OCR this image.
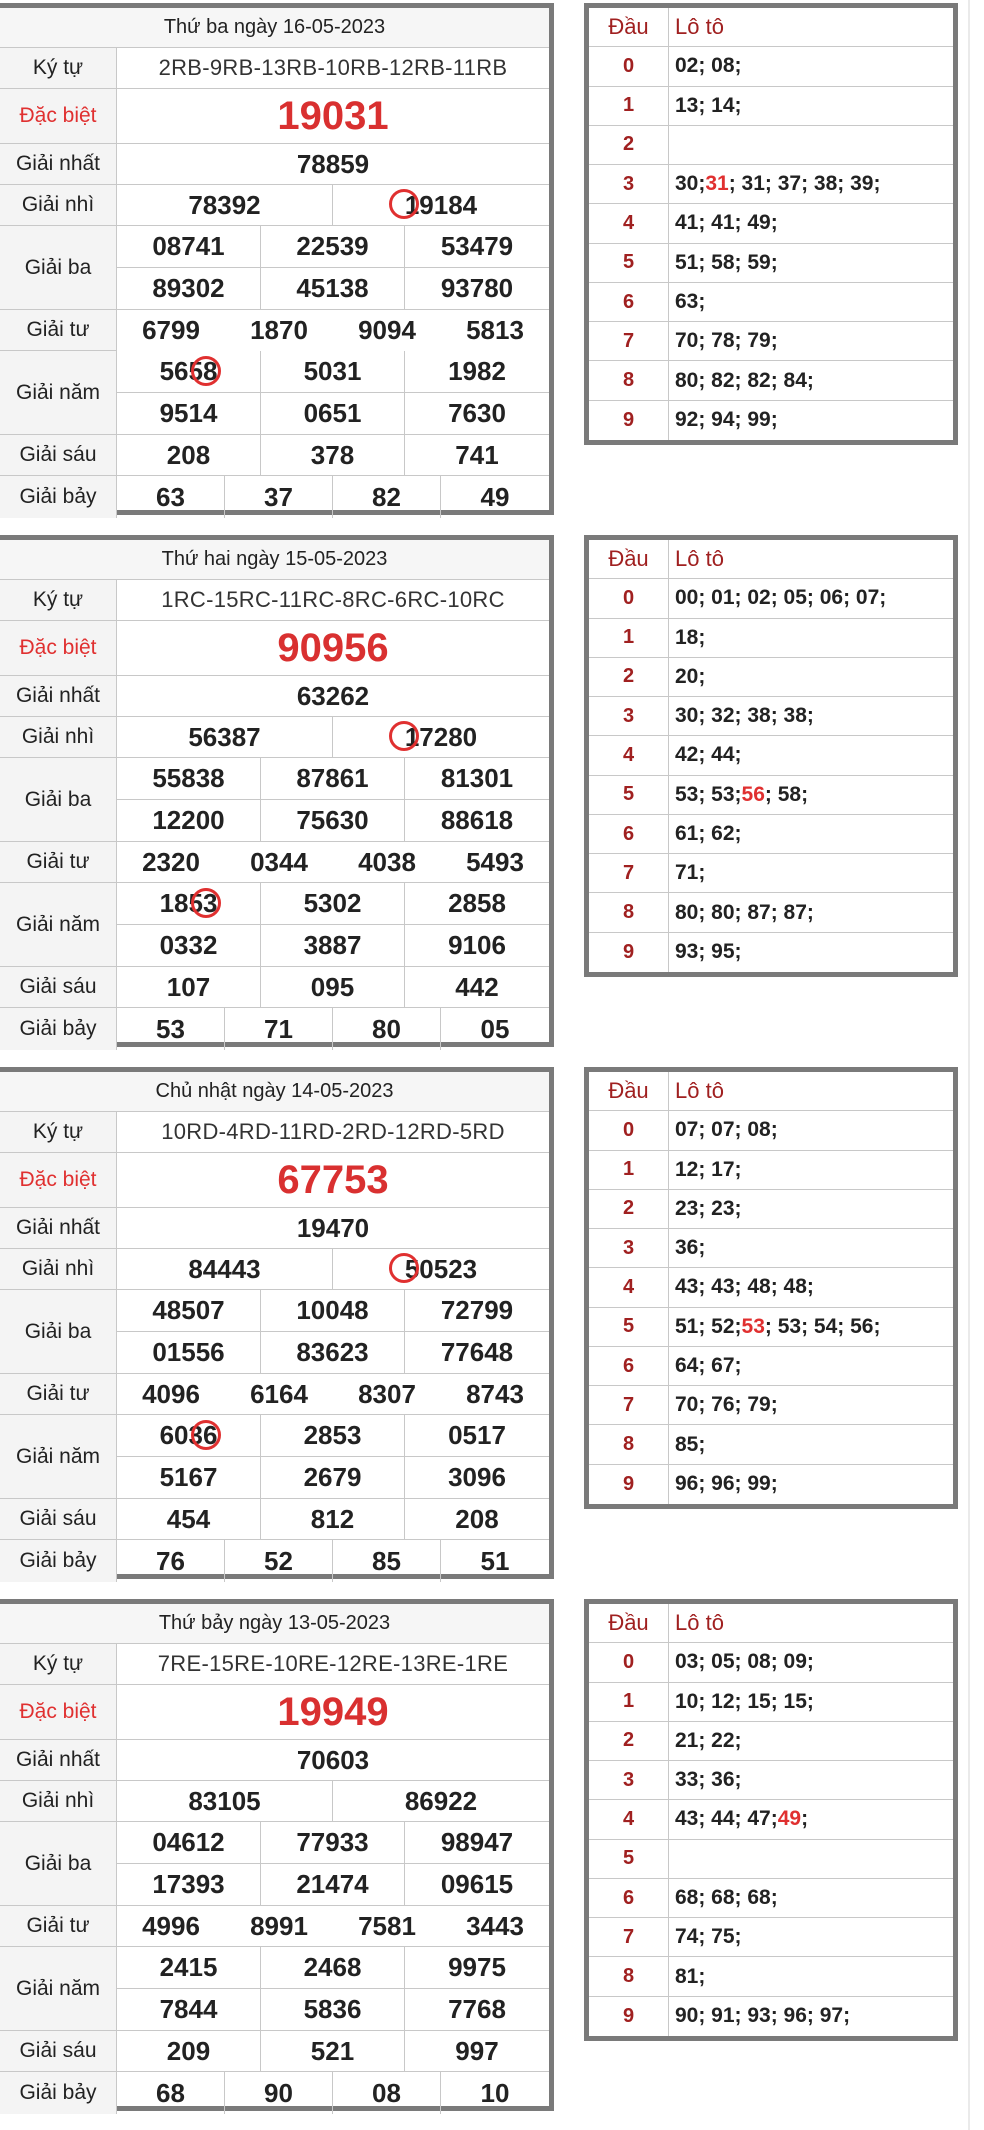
Thứ ba ngày 16-05-2023
Ký tự	2RB-9RB-13RB-10RB-12RB-11RB
Đặc biệt	19031
Giải nhất	78859
Giải nhì	78392	19184
Giải ba
08741	22539	53479
89302	45138	93780
Giải tư	6799	1870	9094	5813
Giải năm
5658	5031	1982
9514	0651	7630
Giải sáu	208	378	741
Giải bảy	63	37	82	49
Đầu	Lô tô
0	02; 08;
1	13; 14;
2
3	30; 31 ; 31; 37; 38; 39;
4	41; 41; 49;
5	51; 58; 59;
6	63;
7	70; 78; 79;
8	80; 82; 82; 84;
9	92; 94; 99;
Thứ hai ngày 15-05-2023
Ký tự	1RC-15RC-11RC-8RC-6RC-10RC
Đặc biệt	90956
Giải nhất	63262
Giải nhì	56387	17280
Giải ba
55838	87861	81301
12200	75630	88618
Giải tư	2320	0344	4038	5493
Giải năm
1853	5302	2858
0332	3887	9106
Giải sáu	107	095	442
Giải bảy	53	71	80	05
Đầu	Lô tô
0	00; 01; 02; 05; 06; 07;
1	18;
2	20;
3	30; 32; 38; 38;
4	42; 44;
5	53; 53; 56 ; 58;
6	61; 62;
7	71;
8	80; 80; 87; 87;
9	93; 95;
Chủ nhật ngày 14-05-2023
Ký tự	10RD-4RD-11RD-2RD-12RD-5RD
Đặc biệt	67753
Giải nhất	19470
Giải nhì	84443	50523
Giải ba
48507	10048	72799
01556	83623	77648
Giải tư	4096	6164	8307	8743
Giải năm
6036	2853	0517
5167	2679	3096
Giải sáu	454	812	208
Giải bảy	76	52	85	51
Đầu	Lô tô
0	07; 07; 08;
1	12; 17;
2	23; 23;
3	36;
4	43; 43; 48; 48;
5	51; 52; 53 ; 53; 54; 56;
6	64; 67;
7	70; 76; 79;
8	85;
9	96; 96; 99;
Thứ bảy ngày 13-05-2023
Ký tự	7RE-15RE-10RE-12RE-13RE-1RE
Đặc biệt	19949
Giải nhất	70603
Giải nhì	83105	86922
Giải ba
04612	77933	98947
17393	21474	09615
Giải tư	4996	8991	7581	3443
Giải năm
2415	2468	9975
7844	5836	7768
Giải sáu	209	521	997
Giải bảy	68	90	08	10
Đầu	Lô tô
0	03; 05; 08; 09;
1	10; 12; 15; 15;
2	21; 22;
3	33; 36;
4	43; 44; 47; 49 ;
5
6	68; 68; 68;
7	74; 75;
8	81;
9	90; 91; 93; 96; 97;
